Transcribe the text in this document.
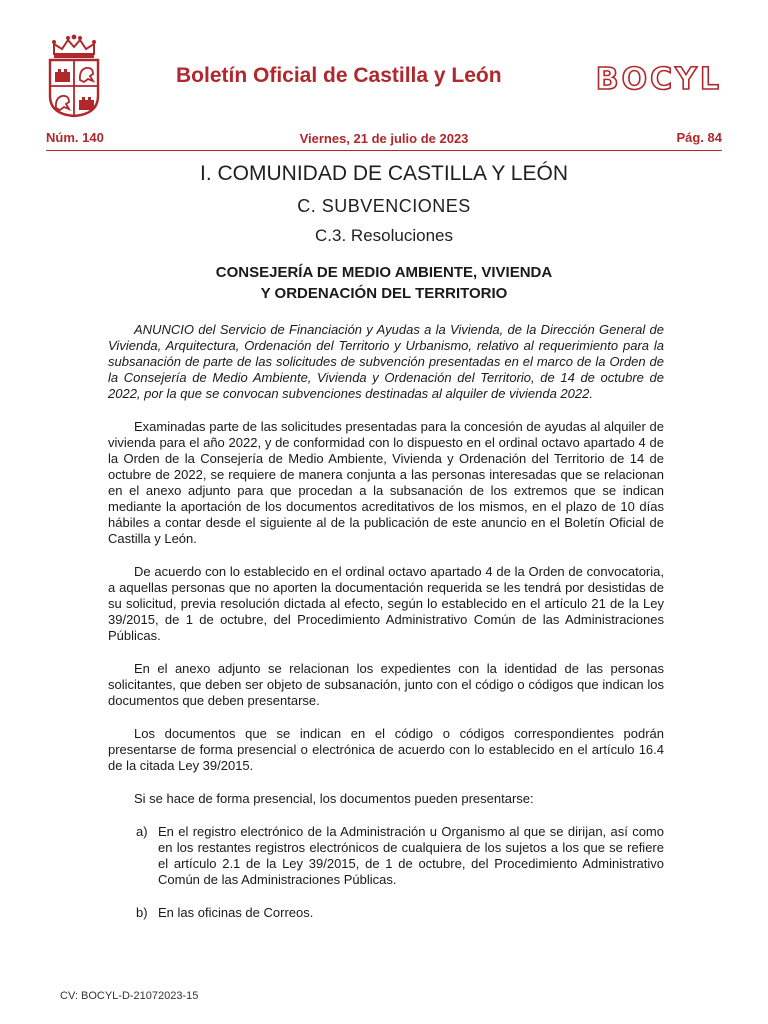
Boletín Oficial de Castilla y León	BOCYL
Núm. 140	Viernes, 21 de julio de 2023	Pág. 84
I. COMUNIDAD DE CASTILLA Y LEÓN
C. SUBVENCIONES
C.3. Resoluciones
CONSEJERÍA DE MEDIO AMBIENTE, VIVIENDA
Y ORDENACIÓN DEL TERRITORIO

ANUNCIO del Servicio de Financiación y Ayudas a la Vivienda, de la Dirección General de Vivienda, Arquitectura, Ordenación del Territorio y Urbanismo, relativo al requerimiento para la subsanación de parte de las solicitudes de subvención presentadas en el marco de la Orden de la Consejería de Medio Ambiente, Vivienda y Ordenación del Territorio, de 14 de octubre de 2022, por la que se convocan subvenciones destinadas al alquiler de vivienda 2022.

Examinadas parte de las solicitudes presentadas para la concesión de ayudas al alquiler de vivienda para el año 2022, y de conformidad con lo dispuesto en el ordinal octavo apartado 4 de la Orden de la Consejería de Medio Ambiente, Vivienda y Ordenación del Territorio de 14 de octubre de 2022, se requiere de manera conjunta a las personas interesadas que se relacionan en el anexo adjunto para que procedan a la subsanación de los extremos que se indican mediante la aportación de los documentos acreditativos de los mismos, en el plazo de 10 días hábiles a contar desde el siguiente al de la publicación de este anuncio en el Boletín Oficial de Castilla y León.

De acuerdo con lo establecido en el ordinal octavo apartado 4 de la Orden de convocatoria, a aquellas personas que no aporten la documentación requerida se les tendrá por desistidas de su solicitud, previa resolución dictada al efecto, según lo establecido en el artículo 21 de la Ley 39/2015, de 1 de octubre, del Procedimiento Administrativo Común de las Administraciones Públicas.

En el anexo adjunto se relacionan los expedientes con la identidad de las personas solicitantes, que deben ser objeto de subsanación, junto con el código o códigos que indican los documentos que deben presentarse.

Los documentos que se indican en el código o códigos correspondientes podrán presentarse de forma presencial o electrónica de acuerdo con lo establecido en el artículo 16.4 de la citada Ley 39/2015.

Si se hace de forma presencial, los documentos pueden presentarse:

a) En el registro electrónico de la Administración u Organismo al que se dirijan, así como en los restantes registros electrónicos de cualquiera de los sujetos a los que se refiere el artículo 2.1 de la Ley 39/2015, de 1 de octubre, del Procedimiento Administrativo Común de las Administraciones Públicas.
b) En las oficinas de Correos.
CV: BOCYL-D-21072023-15
